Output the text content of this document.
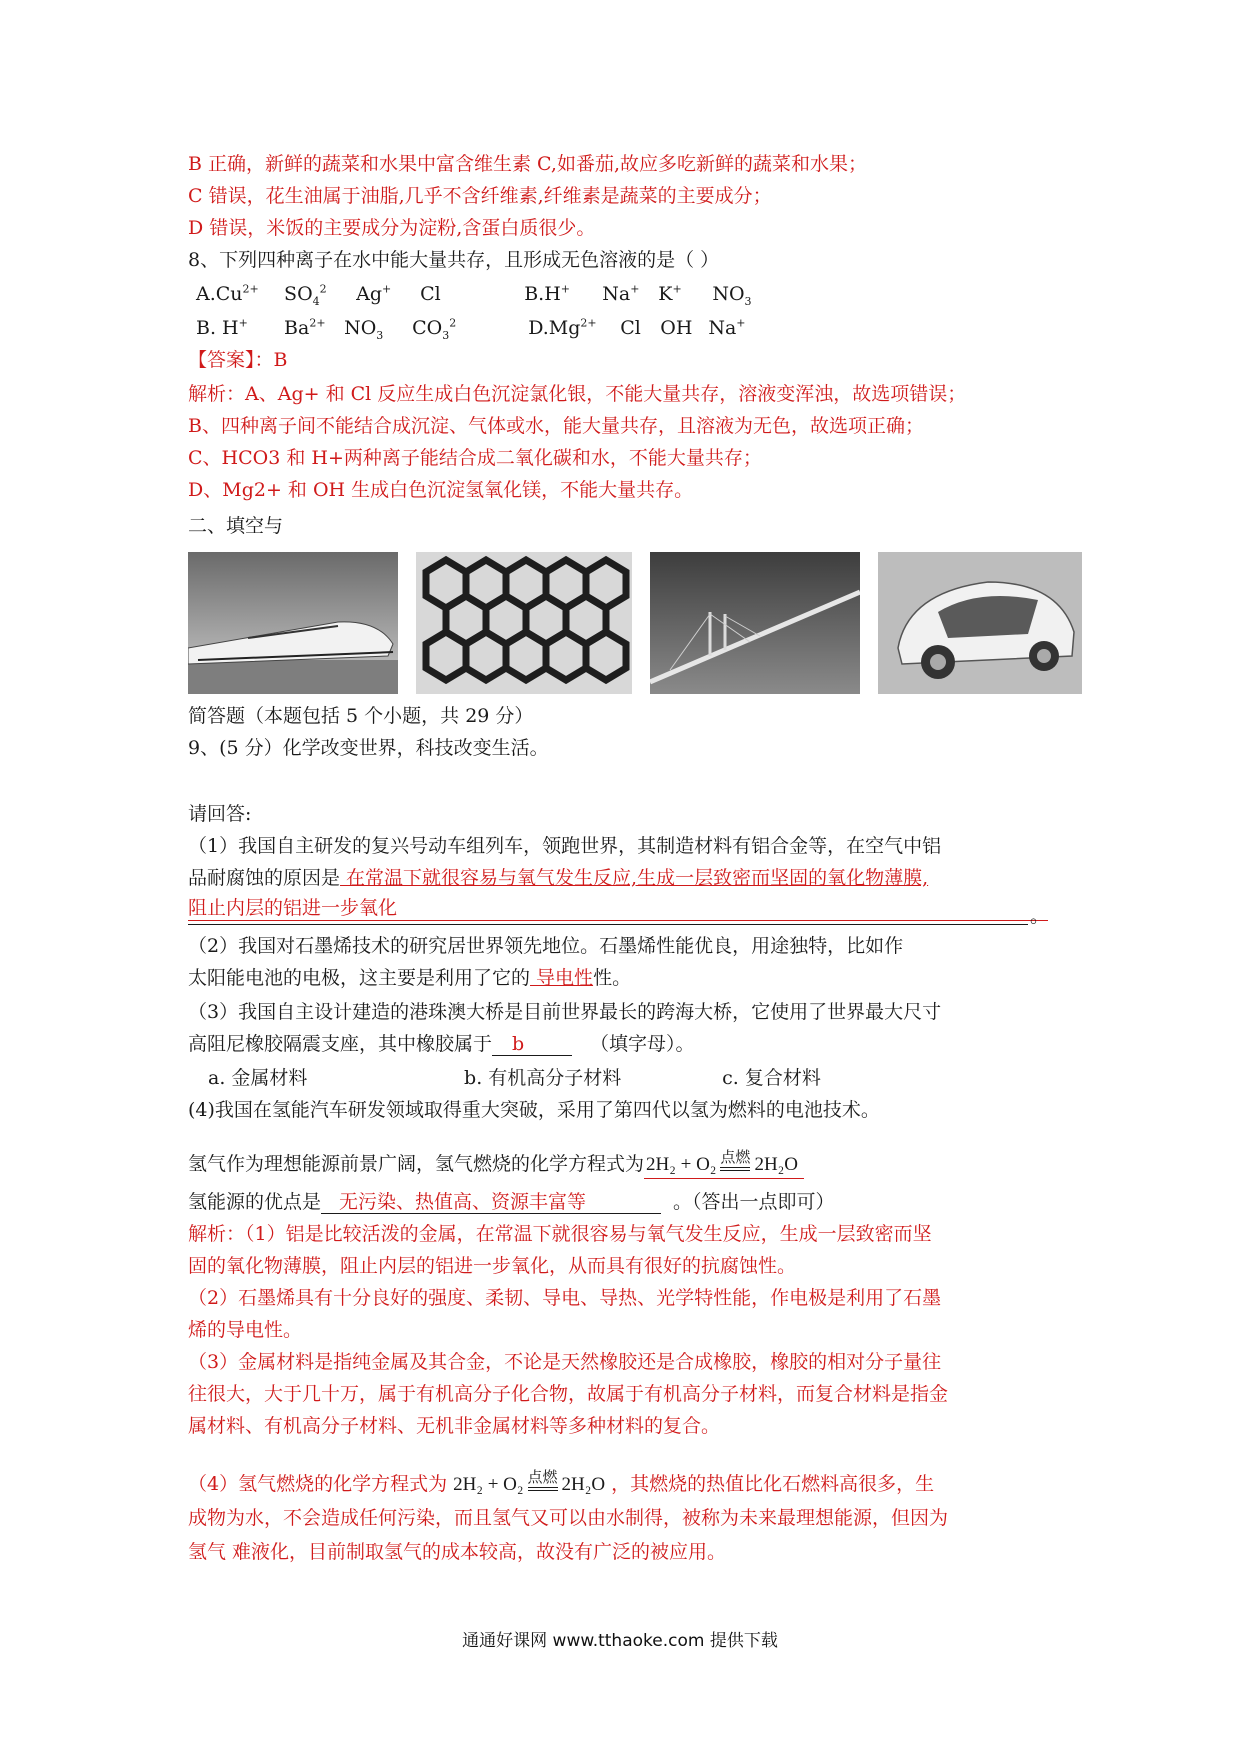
B 正确，新鲜的蔬菜和水果中富含维生素 C,如番茄,故应多吃新鲜的蔬菜和水果；
C 错误，花生油属于油脂,几乎不含纤维素,纤维素是蔬菜的主要成分；
D 错误，米饭的主要成分为淀粉,含蛋白质很少。
8、下列四种离子在水中能大量共存，且形成无色溶液的是（ ）
$A.Cu^{2+}$ $SO_4^2$ Ag+ Cl	B.H+ Na+ K+ $NO_3$
B. H+ $Ba^{2+}$ $NO_3$ $CO_3^2$	$D.Mg^{2+}$ Cl OH Na+
【答案】：B
解析：A、Ag+ 和 Cl 反应生成白色沉淀氯化银，不能大量共存，溶液变浑浊，故选项错误；
B、四种离子间不能结合成沉淀、气体或水，能大量共存，且溶液为无色，故选项正确；
C、HCO3 和 H+两种离子能结合成二氧化碳和水，不能大量共存；
D、Mg2+ 和 OH 生成白色沉淀氢氧化镁，不能大量共存。
二、填空与
简答题（本题包括 5 个小题，共 29 分）
9、(5 分）化学改变世界，科技改变生活。
请回答:
（1）我国自主研发的复兴号动车组列车，领跑世界，其制造材料有铝合金等，在空气中铝
品耐腐蚀的原因是 在常温下就很容易与氧气发生反应,生成一层致密而坚固的氧化物薄膜,
阻止内层的铝进一步氧化	。
（2）我国对石墨烯技术的研究居世界领先地位。石墨烯性能优良，用途独特，比如作
太阳能电池的电极，这主要是利用了它的 导电性性。
（3）我国自主设计建造的港珠澳大桥是目前世界最长的跨海大桥，它使用了世界最大尺寸
高阻尼橡胶隔震支座，其中橡胶属于 b	（填字母）。
a. 金属材料	b. 有机高分子材料	c. 复合材料
(4)我国在氢能汽车研发领域取得重大突破，采用了第四代以氢为燃料的电池技术。
氢气作为理想能源前景广阔，氢气燃烧的化学方程式为 2H₂ + O₂ 点燃 2H₂O
氢能源的优点是 无污染、热值高、资源丰富等	。（答出一点即可）
解析：（1）铝是比较活泼的金属，在常温下就很容易与氧气发生反应，生成一层致密而坚
固的氧化物薄膜，阻止内层的铝进一步氧化，从而具有很好的抗腐蚀性。
（2）石墨烯具有十分良好的强度、柔韧、导电、导热、光学特性能，作电极是利用了石墨
烯的导电性。
（3）金属材料是指纯金属及其合金，不论是天然橡胶还是合成橡胶，橡胶的相对分子量往
往很大，大于几十万，属于有机高分子化合物，故属于有机高分子材料，而复合材料是指金
属材料、有机高分子材料、无机非金属材料等多种材料的复合。
（4）氢气燃烧的化学方程式为 2H₂ + O₂ 点燃 2H₂O ，其燃烧的热值比化石燃料高很多，生
成物为水，不会造成任何污染，而且氢气又可以由水制得，被称为未来最理想能源，但因为
氢气 难液化，目前制取氢气的成本较高，故没有广泛的被应用。
通通好课网 www.tthaoke.com 提供下载
